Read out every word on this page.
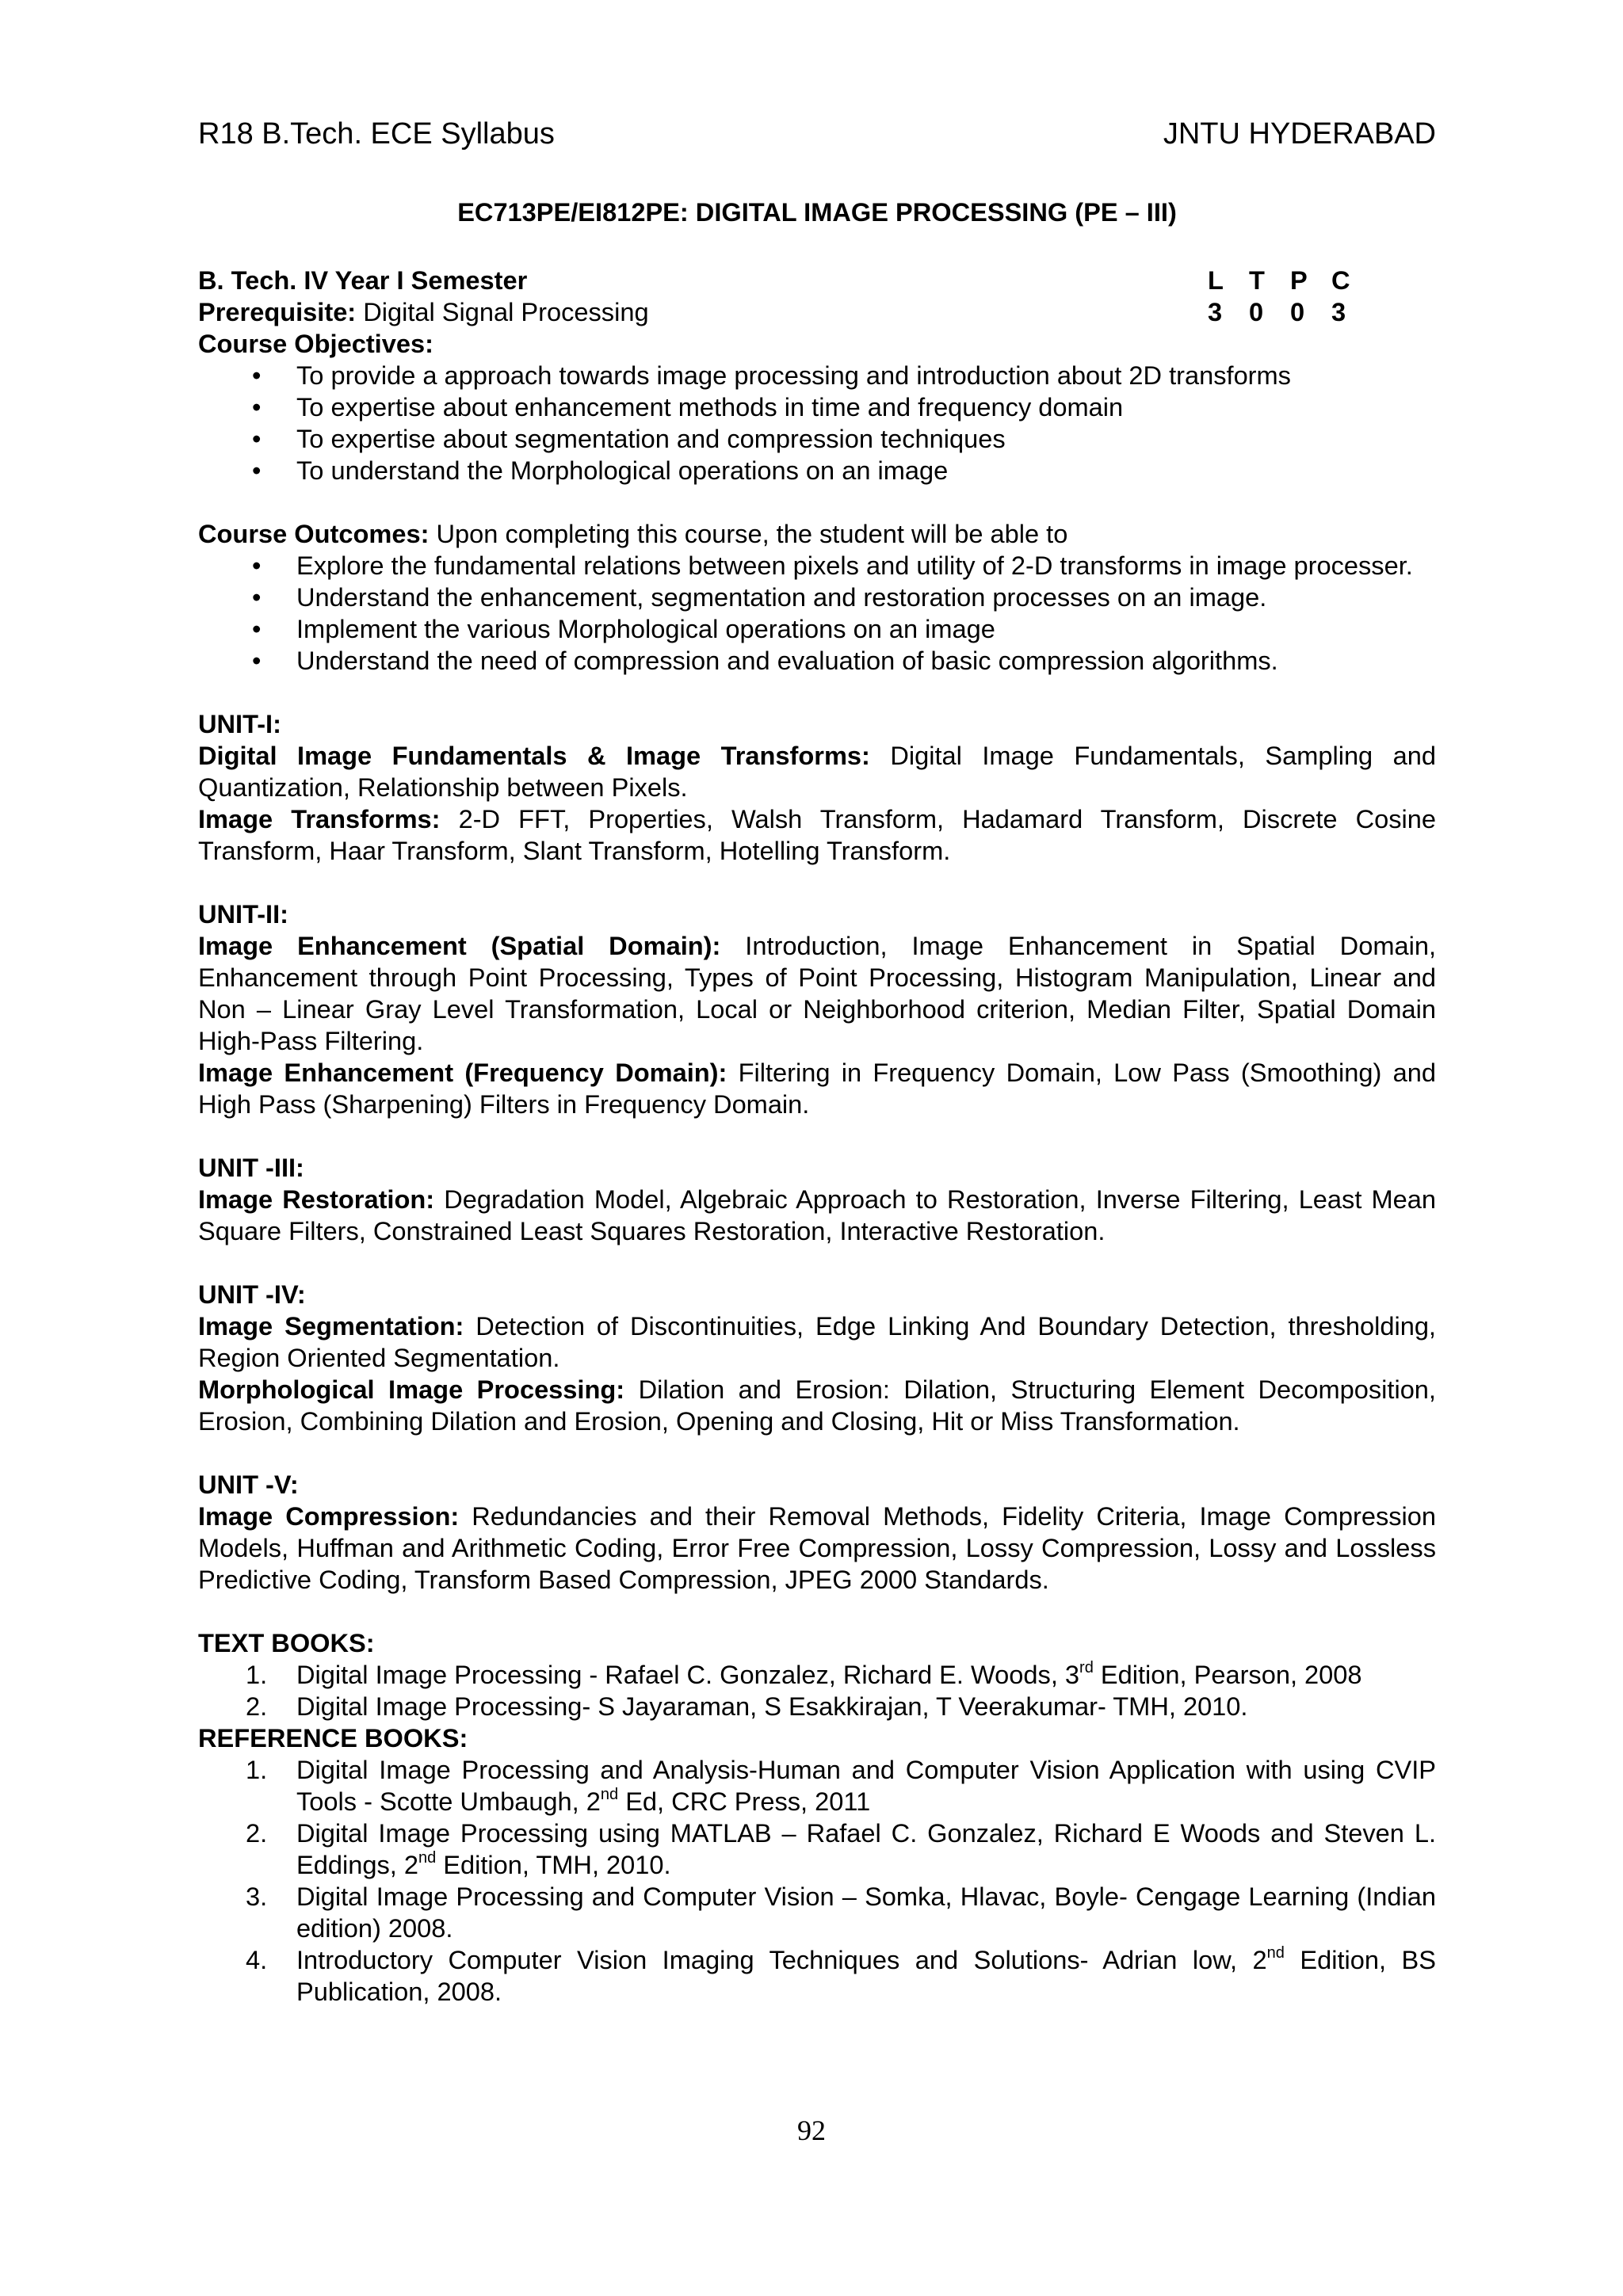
R18 B.Tech. ECE Syllabus	JNTU HYDERABAD

EC713PE/EI812PE: DIGITAL IMAGE PROCESSING (PE – III)

B. Tech. IV Year I Semester	L T P C
3	0	0	3

Prerequisite: Digital Signal Processing

Course Objectives:

• To provide a approach towards image processing and introduction about 2D transforms
• To expertise about enhancement methods in time and frequency domain
• To expertise about segmentation and compression techniques
• To understand the Morphological operations on an image

Course Outcomes: Upon completing this course, the student will be able to

• Explore the fundamental relations between pixels and utility of 2-D transforms in image processer.
• Understand the enhancement, segmentation and restoration processes on an image.
• Implement the various Morphological operations on an image
• Understand the need of compression and evaluation of basic compression algorithms.

UNIT-I:

Digital Image Fundamentals & Image Transforms: Digital Image Fundamentals, Sampling and Quantization, Relationship between Pixels.

Image Transforms: 2-D FFT, Properties, Walsh Transform, Hadamard Transform, Discrete Cosine Transform, Haar Transform, Slant Transform, Hotelling Transform.

UNIT-II:

Image Enhancement (Spatial Domain): Introduction, Image Enhancement in Spatial Domain, Enhancement through Point Processing, Types of Point Processing, Histogram Manipulation, Linear and Non – Linear Gray Level Transformation, Local or Neighborhood criterion, Median Filter, Spatial Domain High-Pass Filtering.

Image Enhancement (Frequency Domain): Filtering in Frequency Domain, Low Pass (Smoothing) and High Pass (Sharpening) Filters in Frequency Domain.

UNIT -III:

Image Restoration: Degradation Model, Algebraic Approach to Restoration, Inverse Filtering, Least Mean Square Filters, Constrained Least Squares Restoration, Interactive Restoration.

UNIT -IV:

Image Segmentation: Detection of Discontinuities, Edge Linking And Boundary Detection, thresholding, Region Oriented Segmentation.

Morphological Image Processing: Dilation and Erosion: Dilation, Structuring Element Decomposition, Erosion, Combining Dilation and Erosion, Opening and Closing, Hit or Miss Transformation.

UNIT -V:

Image Compression: Redundancies and their Removal Methods, Fidelity Criteria, Image Compression Models, Huffman and Arithmetic Coding, Error Free Compression, Lossy Compression, Lossy and Lossless Predictive Coding, Transform Based Compression, JPEG 2000 Standards.

TEXT BOOKS:

1. Digital Image Processing - Rafael C. Gonzalez, Richard E. Woods, 3rd Edition, Pearson, 2008
2. Digital Image Processing- S Jayaraman, S Esakkirajan, T Veerakumar- TMH, 2010.

REFERENCE BOOKS:

1. Digital Image Processing and Analysis-Human and Computer Vision Application with using CVIP Tools - Scotte Umbaugh, 2nd Ed, CRC Press, 2011
2. Digital Image Processing using MATLAB – Rafael C. Gonzalez, Richard E Woods and Steven L. Eddings, 2nd Edition, TMH, 2010.
3. Digital Image Processing and Computer Vision – Somka, Hlavac, Boyle- Cengage Learning (Indian edition) 2008.
4. Introductory Computer Vision Imaging Techniques and Solutions- Adrian low, 2nd Edition, BS Publication, 2008.
92
